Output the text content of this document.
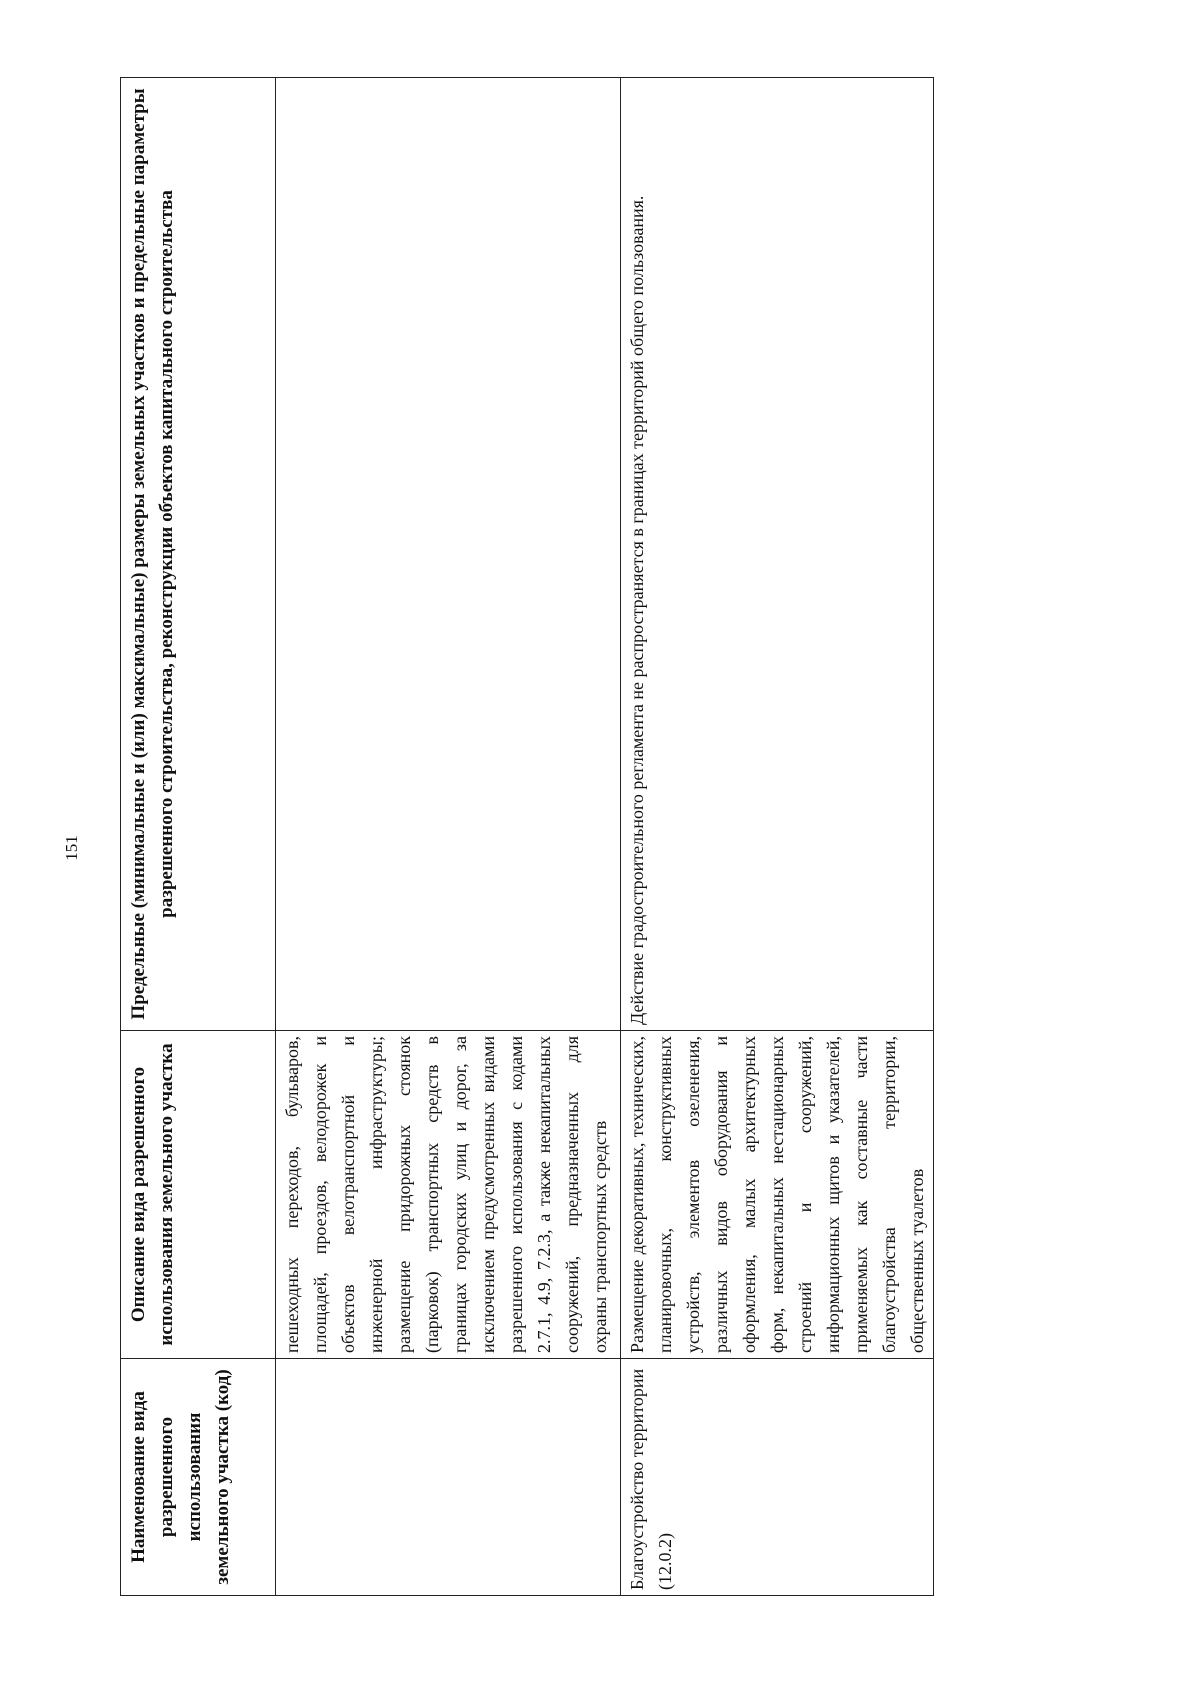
151
Наименование вида разрешенного использования земельного участка (код)	Описание вида разрешенного использования земельного участка	Предельные (минимальные и (или) максимальные) размеры земельных участков и предельные параметры разрешенного строительства, реконструкции объектов капитального строительства
	пешеходных переходов, бульваров, площадей, проездов, велодорожек и объектов велотранспортной и инженерной инфраструктуры; размещение придорожных стоянок (парковок) транспортных средств в границах городских улиц и дорог, за исключением предусмотренных видами разрешенного использования с кодами 2.7.1, 4.9, 7.2.3, а также некапитальных сооружений, предназначенных для охраны транспортных средств	
Благоустройство территории (12.0.2)	Размещение декоративных, технических, планировочных, конструктивных устройств, элементов озеленения, различных видов оборудования и оформления, малых архитектурных форм, некапитальных нестационарных строений и сооружений, информационных щитов и указателей, применяемых как составные части благоустройства территории, общественных туалетов	Действие градостроительного регламента не распространяется в границах территорий общего пользования.
